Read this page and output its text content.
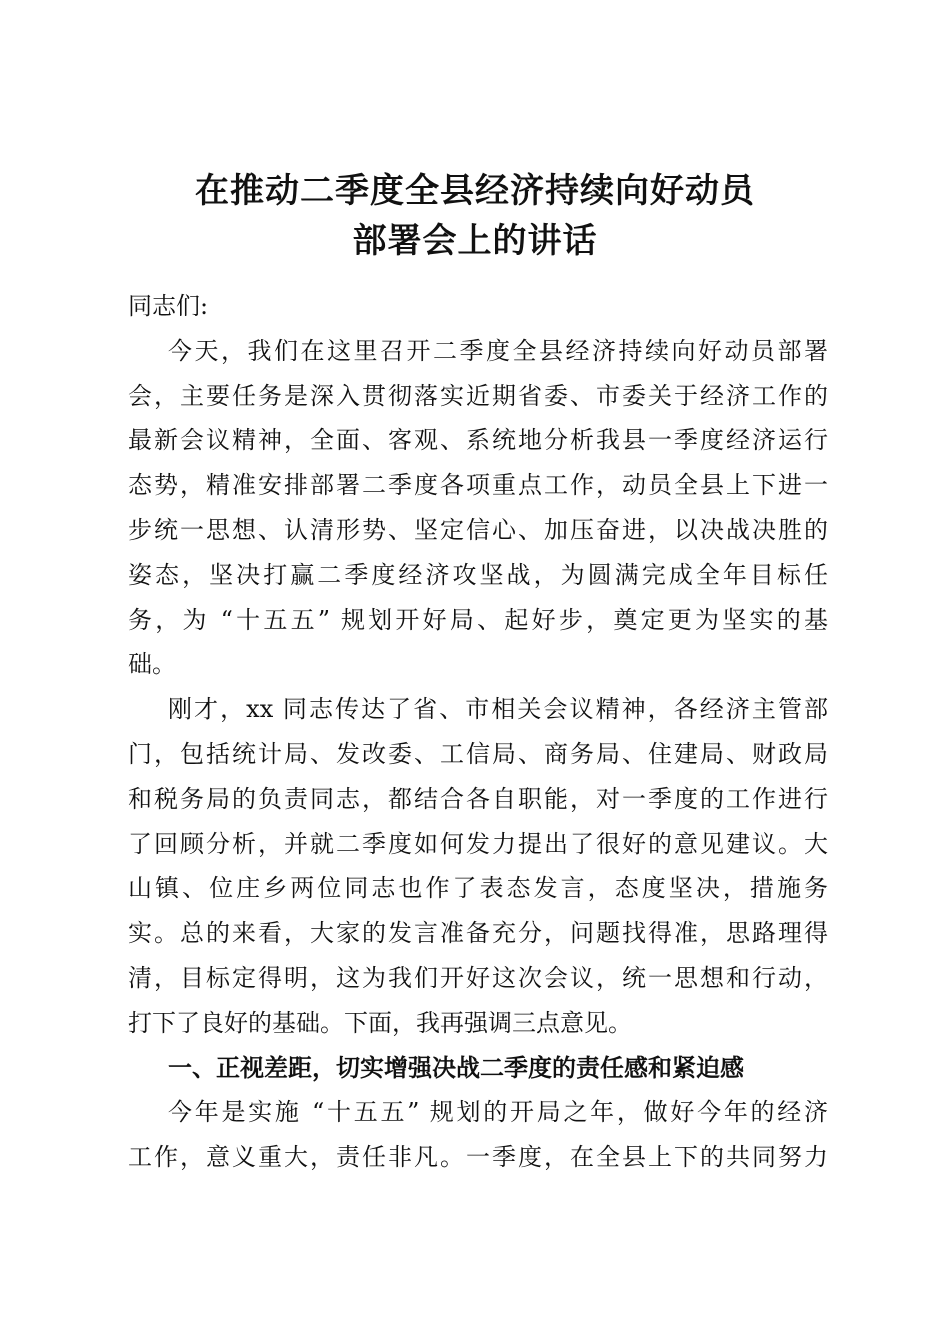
在推动二季度全县经济持续向好动员
部署会上的讲话
同志们:
今天，我们在这里召开二季度全县经济持续向好动员部署
会，主要任务是深入贯彻落实近期省委、市委关于经济工作的
最新会议精神，全面、客观、系统地分析我县一季度经济运行
态势，精准安排部署二季度各项重点工作，动员全县上下进一
步统一思想、认清形势、坚定信心、加压奋进，以决战决胜的
姿态，坚决打赢二季度经济攻坚战，为圆满完成全年目标任
务，为 “十五五” 规划开好局、起好步，奠定更为坚实的基
础。
刚才，xx 同志传达了省、市相关会议精神，各经济主管部
门，包括统计局、发改委、工信局、商务局、住建局、财政局
和税务局的负责同志，都结合各自职能，对一季度的工作进行
了回顾分析，并就二季度如何发力提出了很好的意见建议。大
山镇、位庄乡两位同志也作了表态发言，态度坚决，措施务
实。总的来看，大家的发言准备充分，问题找得准，思路理得
清，目标定得明，这为我们开好这次会议，统一思想和行动，
打下了良好的基础。下面，我再强调三点意见。
一、正视差距，切实增强决战二季度的责任感和紧迫感
今年是实施 “十五五” 规划的开局之年，做好今年的经济
工作，意义重大，责任非凡。一季度，在全县上下的共同努力
